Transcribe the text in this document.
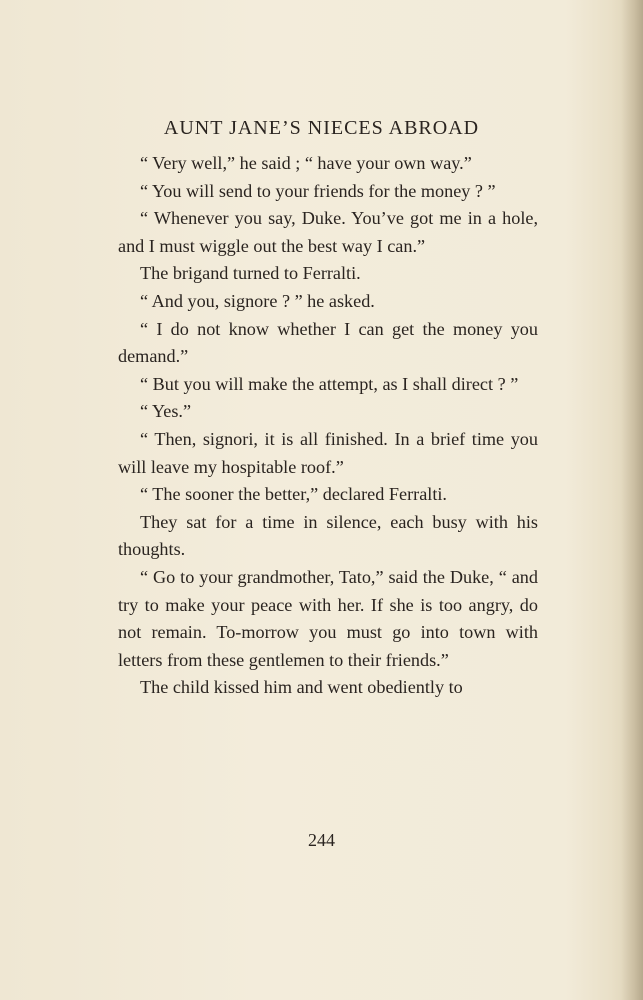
AUNT JANE’S NIECES ABROAD

“ Very well,” he said ; “ have your own way.”

“ You will send to your friends for the money ? ”

“ Whenever you say, Duke. You’ve got me in a hole, and I must wiggle out the best way I can.”

The brigand turned to Ferralti.

“ And you, signore ? ” he asked.

“ I do not know whether I can get the money you demand.”

“ But you will make the attempt, as I shall direct ? ”

“ Yes.”

“ Then, signori, it is all finished. In a brief time you will leave my hospitable roof.”

“ The sooner the better,” declared Ferralti.

They sat for a time in silence, each busy with his thoughts.

“ Go to your grandmother, Tato,” said the Duke, “ and try to make your peace with her. If she is too angry, do not remain. To-morrow you must go into town with letters from these gentlemen to their friends.”

The child kissed him and went obediently to

244
